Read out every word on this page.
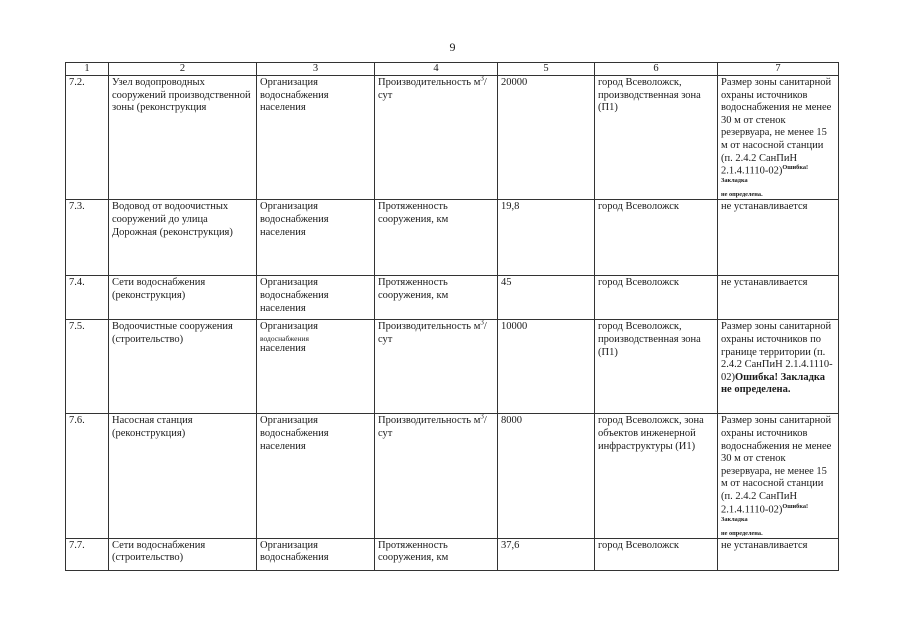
9
1	2	3	4	5	6	7
7.2.	Узел водопроводных сооружений производственной зоны (реконструкция	Организация водоснабжения населения	Производительность $м^3$/сут	20000	город Всеволожск, производственная зона (П1)	Размер зоны санитарной охраны источников водоснабжения не менее 30 м от стенок резервуара, не менее 15 м от насосной станции (п. 2.4.2 СанПиН 2.1.4.1110-02)$^{Ошибка! Закладка}$
не определена.

7.3.	Водовод от водоочистных сооружений до улица Дорожная (реконструкция)	Организация водоснабжения населения	Протяженность сооружения, км	19,8	город Всеволожск	не устанавливается
7.4.	Сети водоснабжения (реконструкция)	Организация водоснабжения населения	Протяженность сооружения, км	45	город Всеволожск	не устанавливается
7.5.	Водоочистные сооружения (строительство)	Организация
водоснабжения
населения	Производительность $м^3$/сут	10000	город Всеволожск, производственная зона (П1)	Размер зоны санитарной охраны источников по границе территории (п. 2.4.2 СанПиН 2.1.4.1110-02)Ошибка! Закладка не определена.
7.6.	Насосная станция (реконструкция)	Организация водоснабжения населения	Производительность $м^3$/сут	8000	город Всеволожск, зона объектов инженерной инфраструктуры (И1)	Размер зоны санитарной охраны источников водоснабжения не менее 30 м от стенок резервуара, не менее 15 м от насосной станции (п. 2.4.2 СанПиН 2.1.4.1110-02)$^{Ошибка! Закладка}$
не определена.

7.7.	Сети водоснабжения (строительство)	Организация водоснабжения	Протяженность сооружения, км	37,6	город Всеволожск	не устанавливается
